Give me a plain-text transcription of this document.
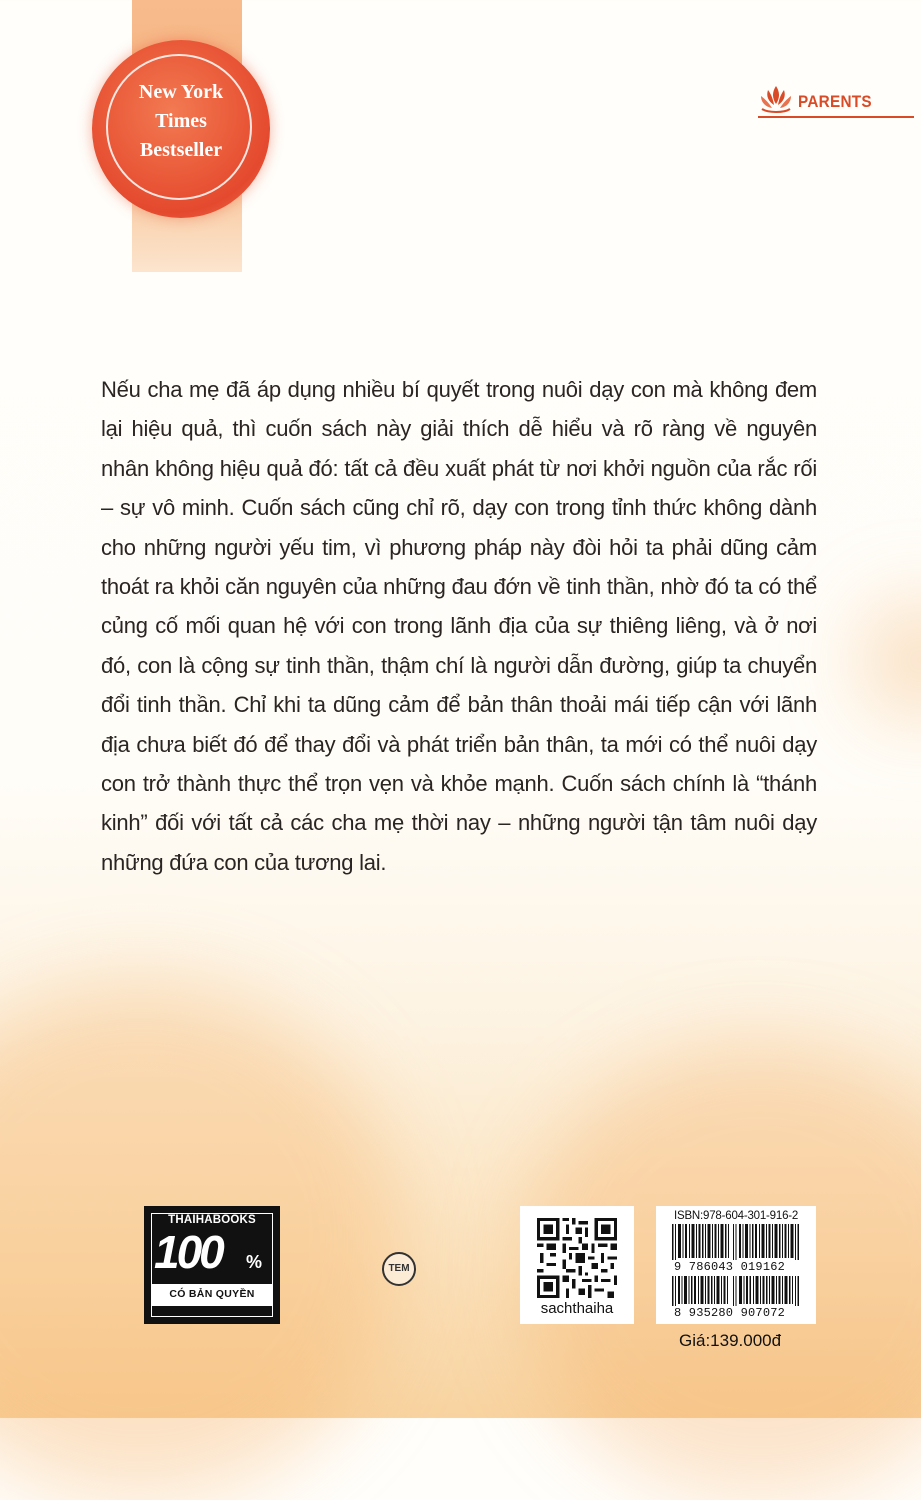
New York
Times
Bestseller
PARENTS

Nếu cha mẹ đã áp dụng nhiều bí quyết trong nuôi dạy con mà không đem lại hiệu quả, thì cuốn sách này giải thích dễ hiểu và rõ ràng về nguyên nhân không hiệu quả đó: tất cả đều xuất phát từ nơi khởi nguồn của rắc rối – sự vô minh. Cuốn sách cũng chỉ rõ, dạy con trong tỉnh thức không dành cho những người yếu tim, vì phương pháp này đòi hỏi ta phải dũng cảm thoát ra khỏi căn nguyên của những đau đớn về tinh thần, nhờ đó ta có thể củng cố mối quan hệ với con trong lãnh địa của sự thiêng liêng, và ở nơi đó, con là cộng sự tinh thần, thậm chí là người dẫn đường, giúp ta chuyển đổi tinh thần. Chỉ khi ta dũng cảm để bản thân thoải mái tiếp cận với lãnh địa chưa biết đó để thay đổi và phát triển bản thân, ta mới có thể nuôi dạy con trở thành thực thể trọn vẹn và khỏe mạnh. Cuốn sách chính là “thánh kinh” đối với tất cả các cha mẹ thời nay – những người tận tâm nuôi dạy những đứa con của tương lai.

THAIHABOOKS
100 %
CÓ BẢN QUYỀN
TEM
sachthaiha
ISBN:978-604-301-916-2
9 786043 019162
8 935280 907072
Giá:139.000đ
